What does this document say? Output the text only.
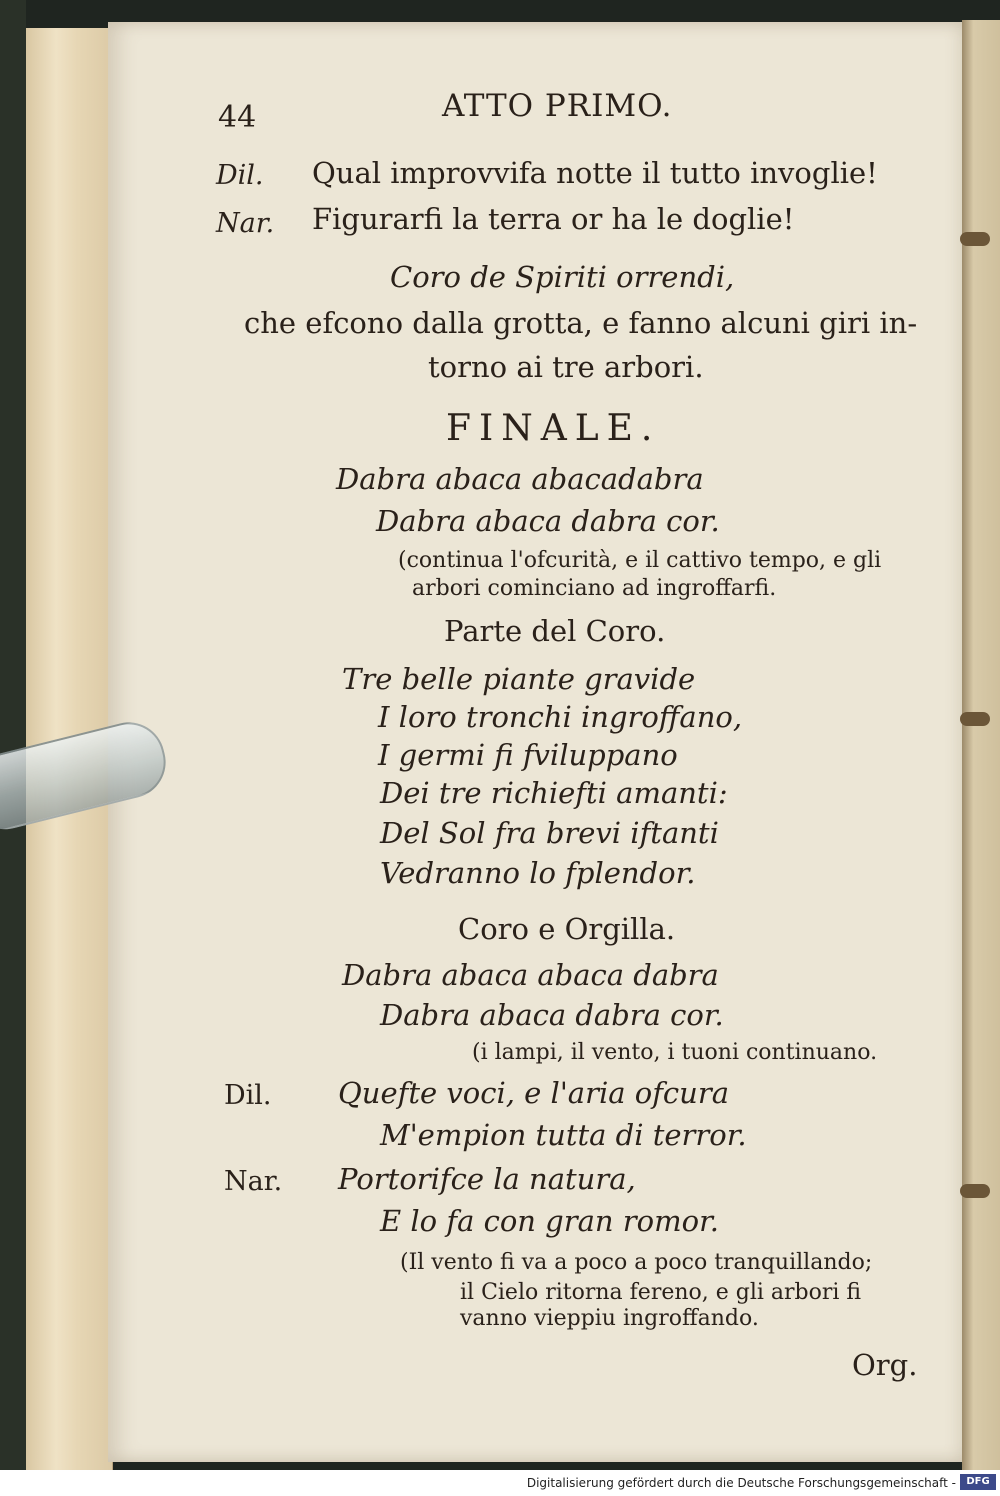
44	ATTO PRIMO.
Dil. Qual improvvifa notte il tutto invoglie!
Nar. Figurarfi la terra or ha le doglie!
Coro de Spiriti orrendi,
che efcono dalla grotta, e fanno alcuni giri in-
torno ai tre arbori.
FINALE.
Dabra abaca abacadabra
Dabra abaca dabra cor.
(continua l'ofcurità, e il cattivo tempo, e gli
arbori cominciano ad ingroffarfi.
Parte del Coro.
Tre belle piante gravide
I loro tronchi ingroffano,
I germi fi fviluppano
Dei tre richiefti amanti:
Del Sol fra brevi iftanti
Vedranno lo fplendor.
Coro e Orgilla.
Dabra abaca abaca dabra
Dabra abaca dabra cor.
(i lampi, il vento, i tuoni continuano.
Dil. Quefte voci, e l'aria ofcura
M'empion tutta di terror.
Nar. Portorifce la natura,
E lo fa con gran romor.
(Il vento fi va a poco a poco tranquillando;
il Cielo ritorna fereno, e gli arbori fi
vanno vieppiu ingroffando.
Org.
Digitalisierung gefördert durch die Deutsche Forschungsgemeinschaft -	DFG
